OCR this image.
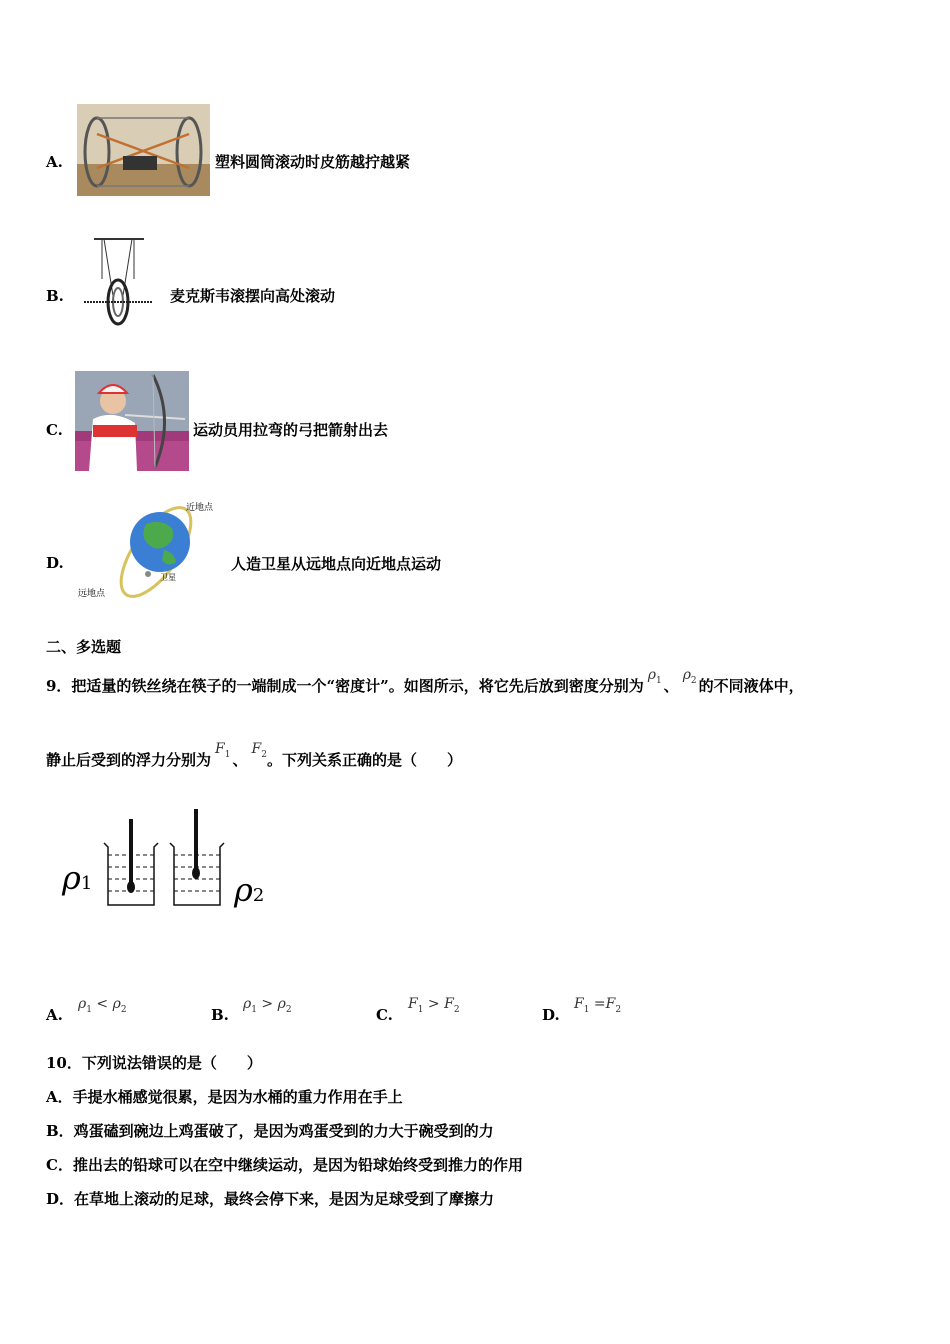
A.	塑料圆筒滚动时皮筋越拧越紧
B.	麦克斯韦滚摆向高处滚动
C.	运动员用拉弯的弓把箭射出去
D.
近地点
远地点
卫星
人造卫星从远地点向近地点运动
二、多选题
9．把适量的铁丝绕在筷子的一端制成一个“密度计”。如图所示，将它先后放到密度分别为$\rho_1$ 、$\rho_2$ 的不同液体中，
静止后受到的浮力分别为$F_1$ 、$F_2$。下列关系正确的是（　　）
ρ1	ρ2
A.
$\rho_1 < \rho_2$	B.
$\rho_1 > \rho_2$	C.
$F_1 > F_2$	D.
$F_1 =F_2$
10．下列说法错误的是（　　）
A．手提水桶感觉很累，是因为水桶的重力作用在手上
B．鸡蛋磕到碗边上鸡蛋破了，是因为鸡蛋受到的力大于碗受到的力
C．推出去的铅球可以在空中继续运动，是因为铅球始终受到推力的作用
D．在草地上滚动的足球，最终会停下来，是因为足球受到了摩擦力
